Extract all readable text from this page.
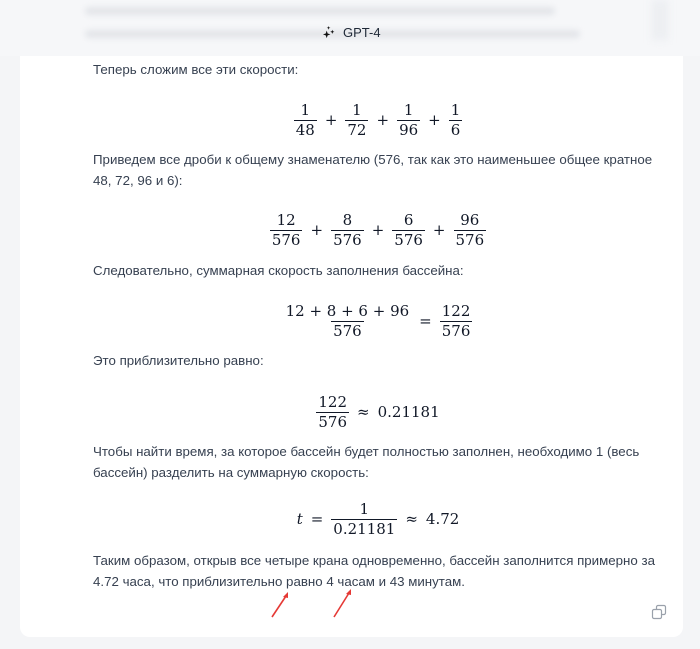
Теперь сложим все эти скорости:
$\frac{1}{48} + \frac{1}{72} + \frac{1}{96} + \frac{1}{6}$
Приведем все дроби к общему знаменателю (576, так как это наименьшее общее кратное 48, 72, 96 и 6):
$\frac{12}{576} + \frac{8}{576} + \frac{6}{576} + \frac{96}{576}$
Следовательно, суммарная скорость заполнения бассейна:
$\frac{12 + 8 + 6 + 96}{576} = \frac{122}{576}$
Это приблизительно равно:
$\frac{122}{576} \approx 0.21181$
Чтобы найти время, за которое бассейн будет полностью заполнен, необходимо 1 (весь бассейн) разделить на суммарную скорость:
$t = \frac{1}{0.21181} \approx 4.72$
Таким образом, открыв все четыре крана одновременно, бассейн заполнится примерно за 4.72 часа, что приблизительно равно 4 часам и 43 минутам.
GPT-4
